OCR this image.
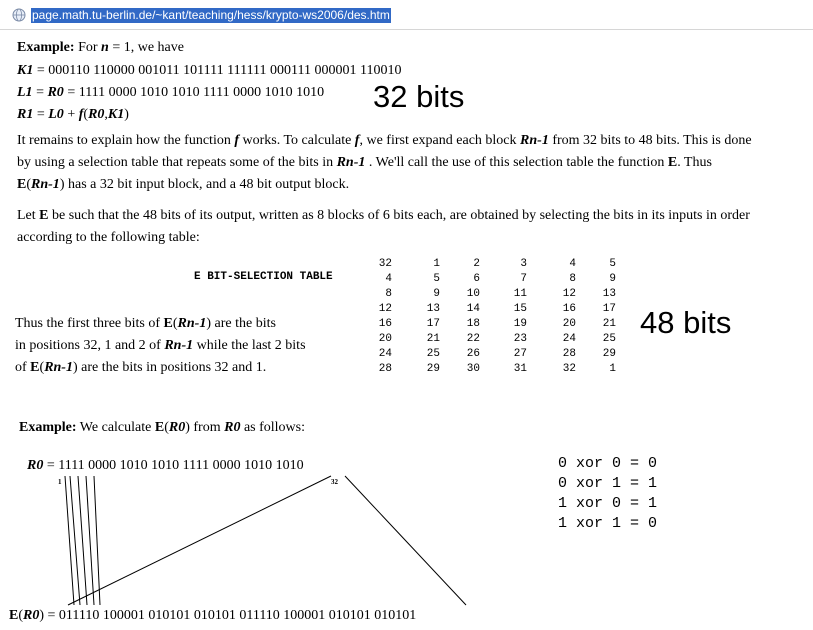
page.math.tu-berlin.de/~kant/teaching/hess/krypto-ws2006/des.htm
Example: For n = 1, we have
K1 = 000110 110000 001011 101111 111111 000111 000001 110010
L1 = R0 = 1111 0000 1010 1010 1111 0000 1010 1010
R1 = L0 + f(R0,K1)
32 bits
It remains to explain how the function f works. To calculate f, we first expand each block Rn-1 from 32 bits to 48 bits. This is done
by using a selection table that repeats some of the bits in Rn-1 . We'll call the use of this selection table the function E. Thus
E(Rn-1) has a 32 bit input block, and a 48 bit output block.
Let E be such that the 48 bits of its output, written as 8 blocks of 6 bits each, are obtained by selecting the bits in its inputs in order
according to the following table:
E BIT-SELECTION TABLE
32	1	2	3	4	5
4	5	6	7	8	9
8	9	10	11	12	13
12	13	14	15	16	17
16	17	18	19	20	21
20	21	22	23	24	25
24	25	26	27	28	29
28	29	30	31	32	1
48 bits
Thus the first three bits of E(Rn-1) are the bits
in positions 32, 1 and 2 of Rn-1 while the last 2 bits
of E(Rn-1) are the bits in positions 32 and 1.
Example: We calculate E(R0) from R0 as follows:
1	32
R0 = 1111 0000 1010 1010 1111 0000 1010 1010
E(R0) = 011110 100001 010101 010101 011110 100001 010101 010101
0 xor 0 = 0
0 xor 1 = 1
1 xor 0 = 1
1 xor 1 = 0
